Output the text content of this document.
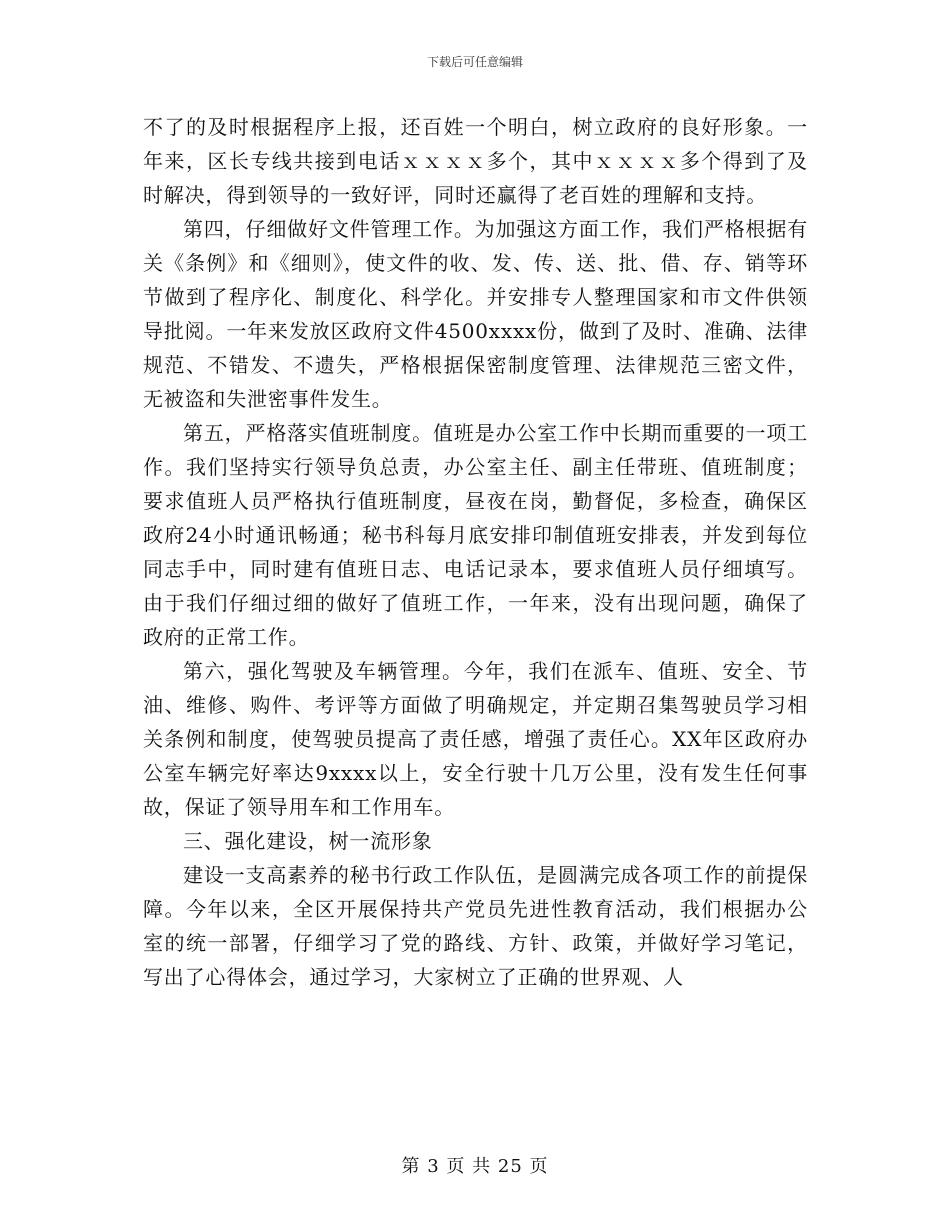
下载后可任意编辑

不了的及时根据程序上报，还百姓一个明白，树立政府的良好形象。一年来，区长专线共接到电话ｘｘｘｘ多个，其中ｘｘｘｘ多个得到了及时解决，得到领导的一致好评，同时还赢得了老百姓的理解和支持。

第四，仔细做好文件管理工作。为加强这方面工作，我们严格根据有关《条例》和《细则》，使文件的收、发、传、送、批、借、存、销等环节做到了程序化、制度化、科学化。并安排专人整理国家和市文件供领导批阅。一年来发放区政府文件4500xxxx份，做到了及时、准确、法律规范、不错发、不遗失，严格根据保密制度管理、法律规范三密文件，无被盗和失泄密事件发生。

第五，严格落实值班制度。值班是办公室工作中长期而重要的一项工作。我们坚持实行领导负总责，办公室主任、副主任带班、值班制度；要求值班人员严格执行值班制度，昼夜在岗，勤督促，多检查，确保区政府24小时通讯畅通；秘书科每月底安排印制值班安排表，并发到每位同志手中，同时建有值班日志、电话记录本，要求值班人员仔细填写。由于我们仔细过细的做好了值班工作，一年来，没有出现问题，确保了政府的正常工作。

第六，强化驾驶及车辆管理。今年，我们在派车、值班、安全、节油、维修、购件、考评等方面做了明确规定，并定期召集驾驶员学习相关条例和制度，使驾驶员提高了责任感，增强了责任心。XX年区政府办公室车辆完好率达9xxxx以上，安全行驶十几万公里，没有发生任何事故，保证了领导用车和工作用车。

三、强化建设，树一流形象

建设一支高素养的秘书行政工作队伍，是圆满完成各项工作的前提保障。今年以来，全区开展保持共产党员先进性教育活动，我们根据办公室的统一部署，仔细学习了党的路线、方针、政策，并做好学习笔记，写出了心得体会，通过学习，大家树立了正确的世界观、人

第 3 页 共 25 页
